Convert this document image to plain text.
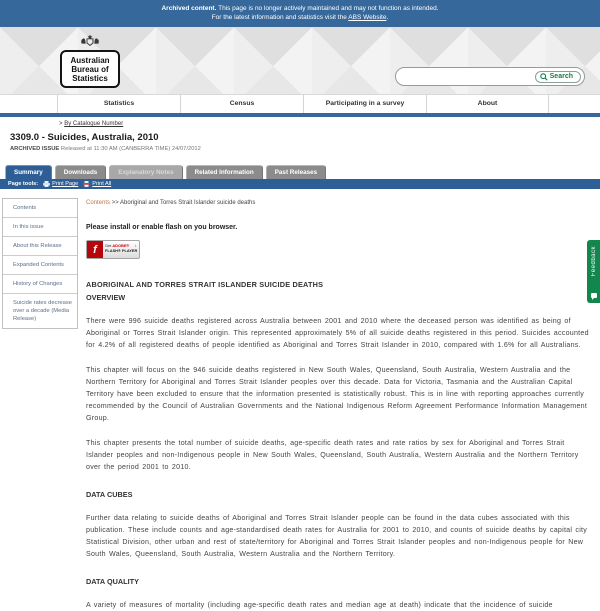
Archived content. This page is no longer actively maintained and may not function as intended.
For the latest information and statistics visit the ABS Website.
Australian
Bureau of
Statistics	Search
Statistics	Census	Participating in a survey	About
> By Catalogue Number
3309.0 - Suicides, Australia, 2010
ARCHIVED ISSUE Released at 11:30 AM (CANBERRA TIME) 24/07/2012
Summary	Downloads	Explanatory Notes	Related Information	Past Releases
Page tools:	Print Page	Print All
Contents
In this issue
About this Release
Expanded Contents
History of Changes
Suicide rates decrease over a decade (Media Release)
Contents >> Aboriginal and Torres Strait Islander suicide deaths
Please install or enable flash on you browser.
f	Get ADOBE®
FLASH® PLAYER
↓
ABORIGINAL AND TORRES STRAIT ISLANDER SUICIDE DEATHS
OVERVIEW

There were 996 suicide deaths registered across Australia between 2001 and 2010 where the deceased person was identified as being of Aboriginal or Torres Strait Islander origin. This represented approximately 5% of all suicide deaths registered in this period. Suicides accounted for 4.2% of all registered deaths of people identified as Aboriginal and Torres Strait Islander in 2010, compared with 1.6% for all Australians.

This chapter will focus on the 946 suicide deaths registered in New South Wales, Queensland, South Australia, Western Australia and the Northern Territory for Aboriginal and Torres Strait Islander peoples over this decade. Data for Victoria, Tasmania and the Australian Capital Territory have been excluded to ensure that the information presented is statistically robust. This is in line with reporting approaches currently recommended by the Council of Australian Governments and the National Indigenous Reform Agreement Performance Information Management Group.

This chapter presents the total number of suicide deaths, age-specific death rates and rate ratios by sex for Aboriginal and Torres Strait Islander peoples and non-Indigenous people in New South Wales, Queensland, South Australia, Western Australia and the Northern Territory over the period 2001 to 2010.

DATA CUBES

Further data relating to suicide deaths of Aboriginal and Torres Strait Islander people can be found in the data cubes associated with this publication. These include counts and age-standardised death rates for Australia for 2001 to 2010, and counts of suicide deaths by capital city Statistical Division, other urban and rest of state/territory for Aboriginal and Torres Strait Islander peoples and non-Indigenous people for New South Wales, Queensland, South Australia, Western Australia and the Northern Territory.

DATA QUALITY

A variety of measures of mortality (including age-specific death rates and median age at death) indicate that the incidence of suicide

Feedback
